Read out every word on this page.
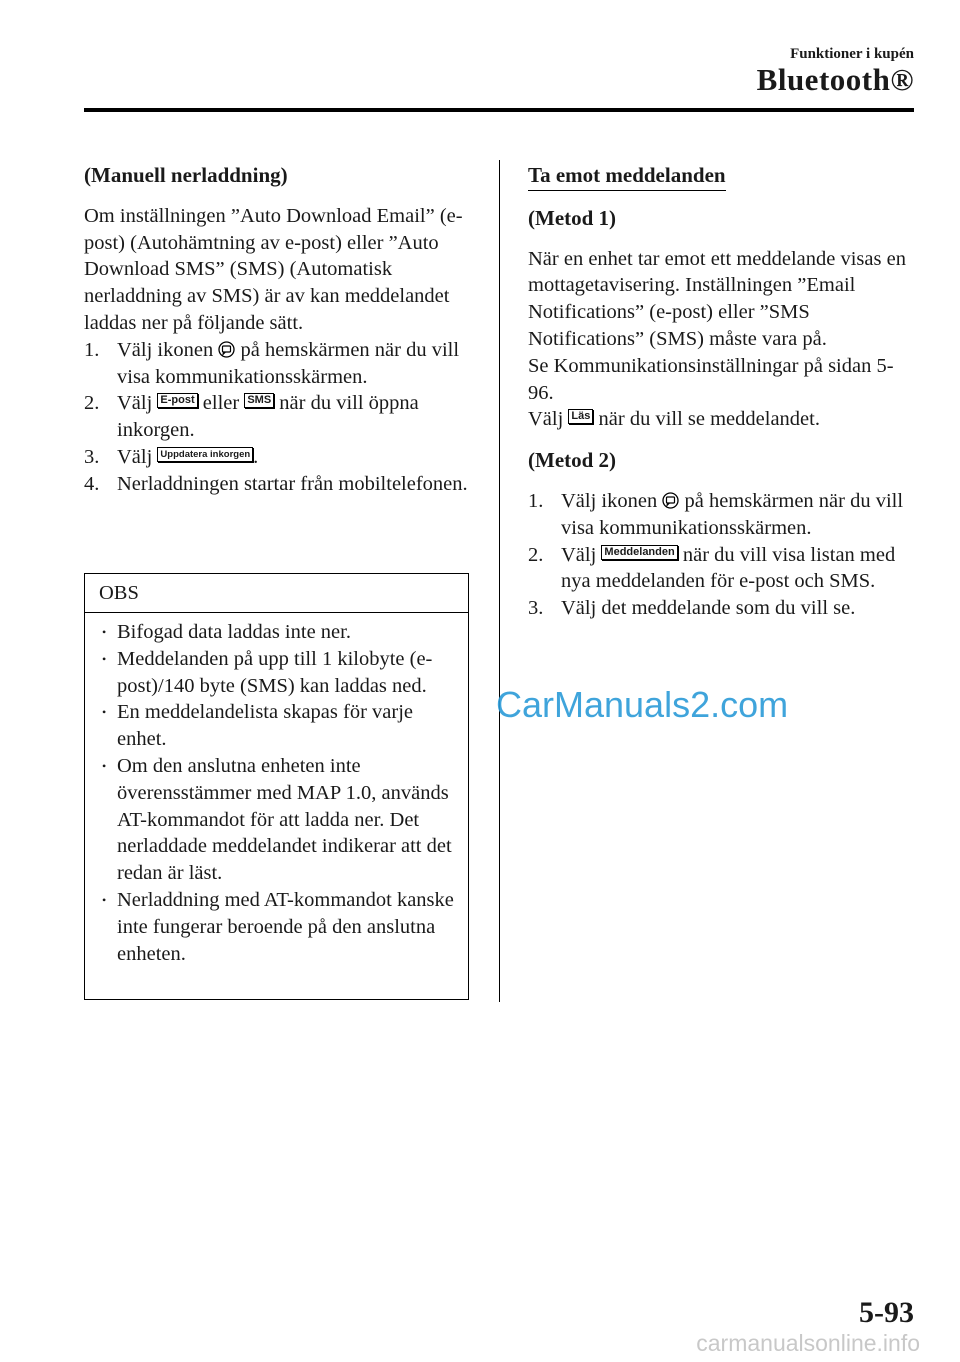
Funktioner i kupén
Bluetooth®
(Manuell nerladdning)

Om inställningen ”Auto Download Email” (e-post) (Autohämtning av e-post) eller ”Auto Download SMS” (SMS) (Automatisk nerladdning av SMS) är av kan meddelandet laddas ner på följande sätt.

1. Välj ikonen på hemskärmen när du vill visa kommunikationsskärmen.
2. Välj E-post eller SMS när du vill öppna inkorgen.
3. Välj Uppdatera inkorgen .
4. Nerladdningen startar från mobiltelefonen.
OBS
• Bifogad data laddas inte ner.
• Meddelanden på upp till 1 kilobyte (e-post)/140 byte (SMS) kan laddas ned.
• En meddelandelista skapas för varje enhet.
• Om den anslutna enheten inte överensstämmer med MAP 1.0, används AT-kommandot för att ladda ner. Det nerladdade meddelandet indikerar att det redan är läst.
• Nerladdning med AT-kommandot kanske inte fungerar beroende på den anslutna enheten.
Ta emot meddelanden
(Metod 1)

När en enhet tar emot ett meddelande visas en mottagetavisering. Inställningen ”Email Notifications” (e-post) eller ”SMS Notifications” (SMS) måste vara på.

Se Kommunikationsinställningar på sidan 5-96.

Välj Läs när du vill se meddelandet.

(Metod 2)
1. Välj ikonen på hemskärmen när du vill visa kommunikationsskärmen.
2. Välj Meddelanden när du vill visa listan med nya meddelanden för e-post och SMS.
3. Välj det meddelande som du vill se.
CarManuals2.com
5-93
carmanualsonline.info
